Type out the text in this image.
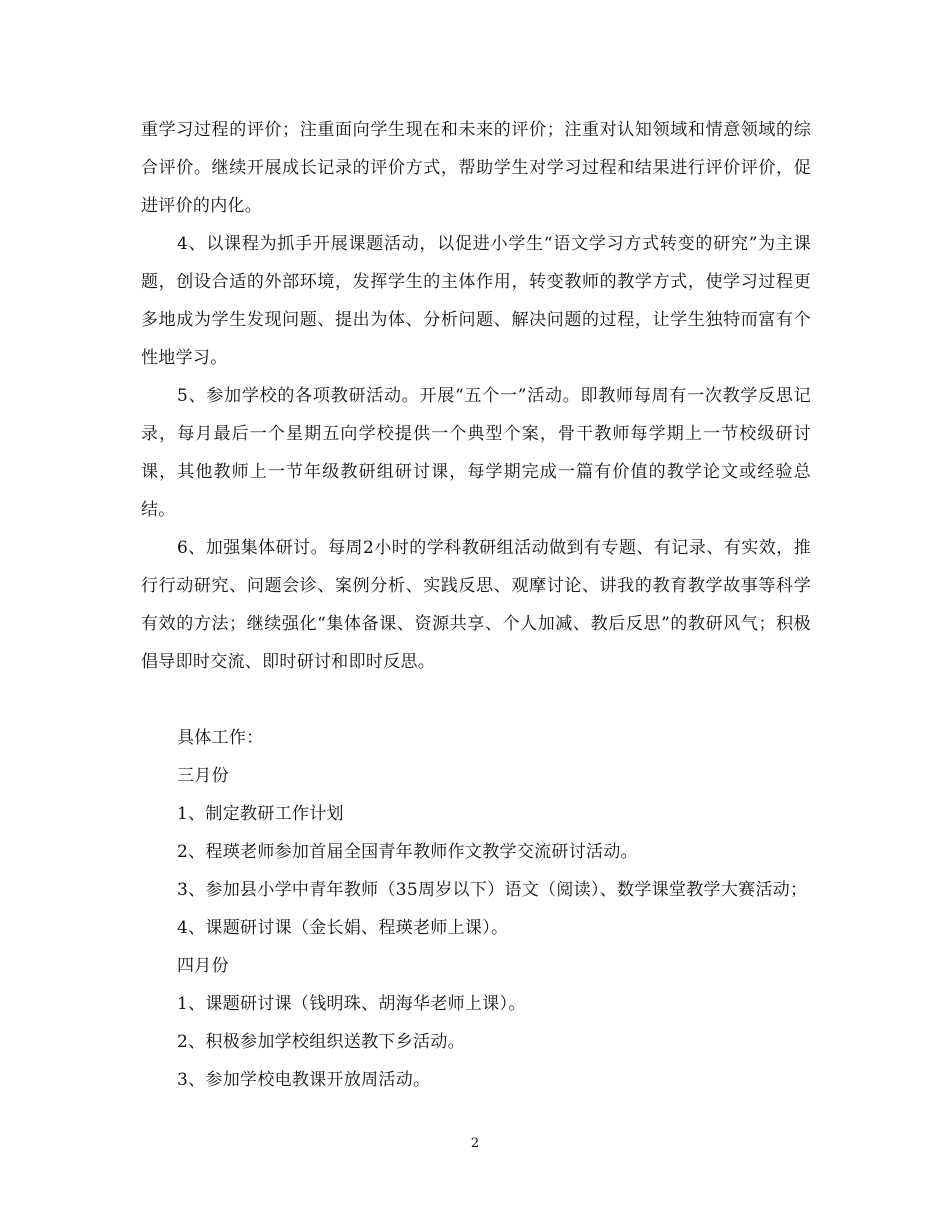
重学习过程的评价；注重面向学生现在和未来的评价；注重对认知领域和情意领域的综合评价。继续开展成长记录的评价方式，帮助学生对学习过程和结果进行评价评价，促进评价的内化。

4、以课程为抓手开展课题活动，以促进小学生“语文学习方式转变的研究”为主课题，创设合适的外部环境，发挥学生的主体作用，转变教师的教学方式，使学习过程更多地成为学生发现问题、提出为体、分析问题、解决问题的过程，让学生独特而富有个性地学习。

5、参加学校的各项教研活动。开展“五个一”活动。即教师每周有一次教学反思记录，每月最后一个星期五向学校提供一个典型个案，骨干教师每学期上一节校级研讨课，其他教师上一节年级教研组研讨课，每学期完成一篇有价值的教学论文或经验总结。

6、加强集体研讨。每周2小时的学科教研组活动做到有专题、有记录、有实效，推行行动研究、问题会诊、案例分析、实践反思、观摩讨论、讲我的教育教学故事等科学有效的方法；继续强化“集体备课、资源共享、个人加减、教后反思”的教研风气；积极倡导即时交流、即时研讨和即时反思。

具体工作：

三月份

1、制定教研工作计划

2、程瑛老师参加首届全国青年教师作文教学交流研讨活动。

3、参加县小学中青年教师（35周岁以下）语文（阅读）、数学课堂教学大赛活动；

4、课题研讨课（金长娟、程瑛老师上课）。

四月份

1、课题研讨课（钱明珠、胡海华老师上课）。

2、积极参加学校组织送教下乡活动。

3、参加学校电教课开放周活动。

2
